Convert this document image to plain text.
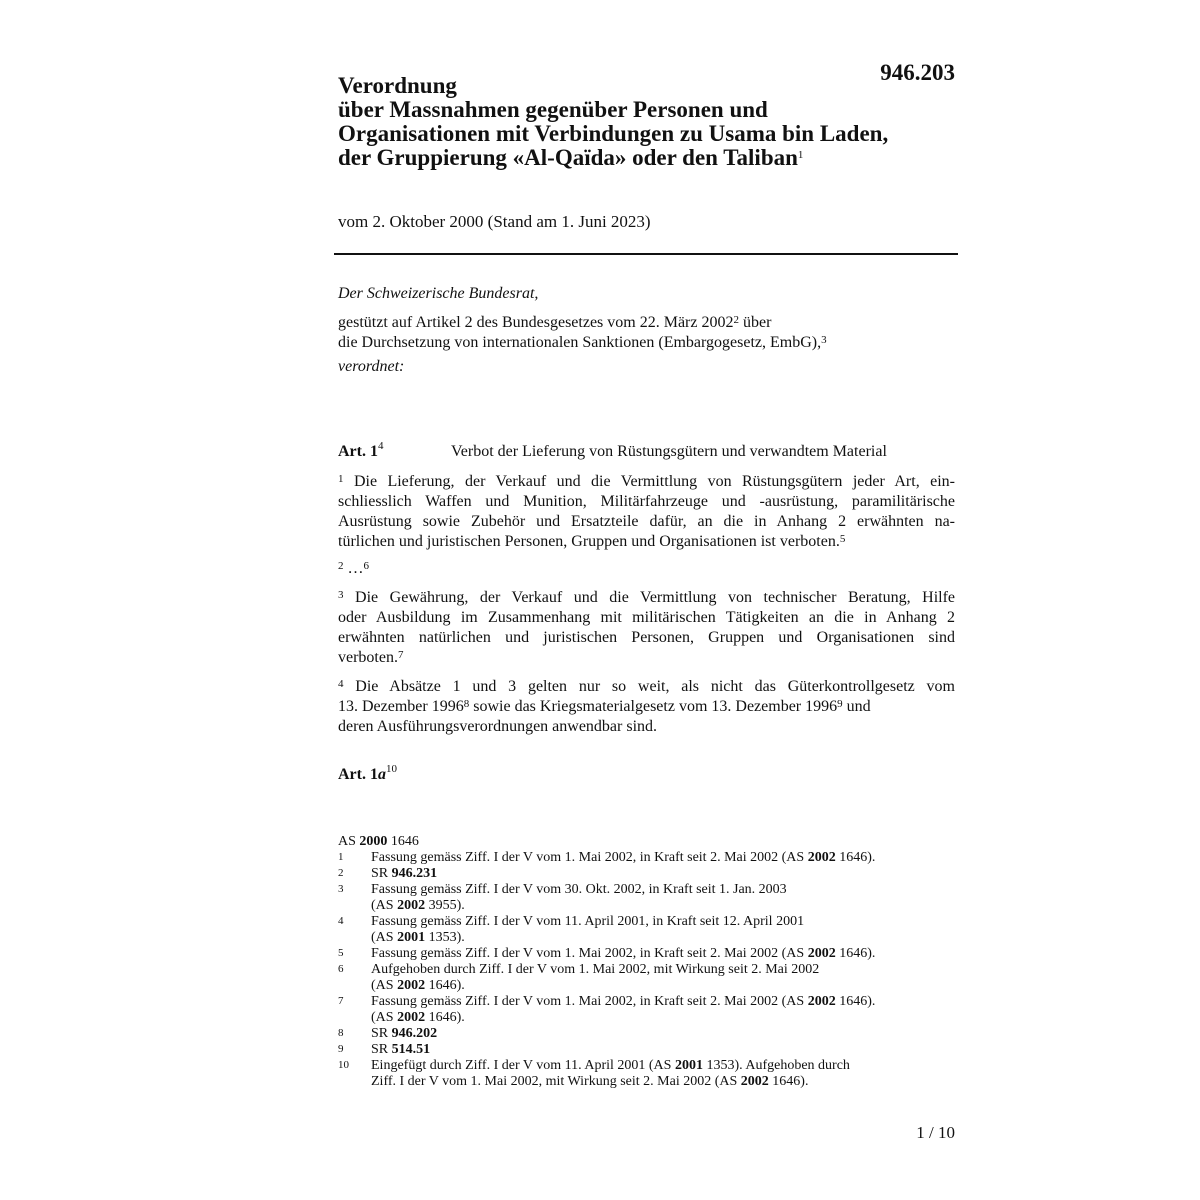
946.203
Verordnung
über Massnahmen gegenüber Personen und
Organisationen mit Verbindungen zu Usama bin Laden,
der Gruppierung «Al-Qaïda» oder den Taliban$^1$
vom 2. Oktober 2000 (Stand am 1. Juni 2023)
Der Schweizerische Bundesrat,
gestützt auf Artikel 2 des Bundesgesetzes vom 22. März 2002$^2$ über
die Durchsetzung von internationalen Sanktionen (Embargogesetz, EmbG),$^3$
verordnet:
Art. $1^4$	Verbot der Lieferung von Rüstungsgütern und verwandtem Material
$^1$ Die Lieferung, der Verkauf und die Vermittlung von Rüstungsgütern jeder Art, ein-
schliesslich Waffen und Munition, Militärfahrzeuge und -ausrüstung, paramilitärische
Ausrüstung sowie Zubehör und Ersatzteile dafür, an die in Anhang 2 erwähnten na-
türlichen und juristischen Personen, Gruppen und Organisationen ist verboten.$^5$
$^2$ …$^6$
$^3$ Die Gewährung, der Verkauf und die Vermittlung von technischer Beratung, Hilfe
oder Ausbildung im Zusammenhang mit militärischen Tätigkeiten an die in Anhang 2
erwähnten natürlichen und juristischen Personen, Gruppen und Organisationen sind
verboten.$^7$
$^4$ Die Absätze 1 und 3 gelten nur so weit, als nicht das Güterkontrollgesetz vom
13. Dezember 1996$^8$ sowie das Kriegsmaterialgesetz vom 13. Dezember 1996$^9$ und
deren Ausführungsverordnungen anwendbar sind.
Art. $1a^{10}$
AS 2000 1646
1	Fassung gemäss Ziff. I der V vom 1. Mai 2002, in Kraft seit 2. Mai 2002 (AS 2002 1646).
2	SR 946.231
3	Fassung gemäss Ziff. I der V vom 30. Okt. 2002, in Kraft seit 1. Jan. 2003
(AS 2002 3955).
4	Fassung gemäss Ziff. I der V vom 11. April 2001, in Kraft seit 12. April 2001
(AS 2001 1353).
5	Fassung gemäss Ziff. I der V vom 1. Mai 2002, in Kraft seit 2. Mai 2002 (AS 2002 1646).
6	Aufgehoben durch Ziff. I der V vom 1. Mai 2002, mit Wirkung seit 2. Mai 2002
(AS 2002 1646).
7	Fassung gemäss Ziff. I der V vom 1. Mai 2002, in Kraft seit 2. Mai 2002 (AS 2002 1646).
(AS 2002 1646).
8	SR 946.202
9	SR 514.51
10	Eingefügt durch Ziff. I der V vom 11. April 2001 (AS 2001 1353). Aufgehoben durch
Ziff. I der V vom 1. Mai 2002, mit Wirkung seit 2. Mai 2002 (AS 2002 1646).
1 / 10
